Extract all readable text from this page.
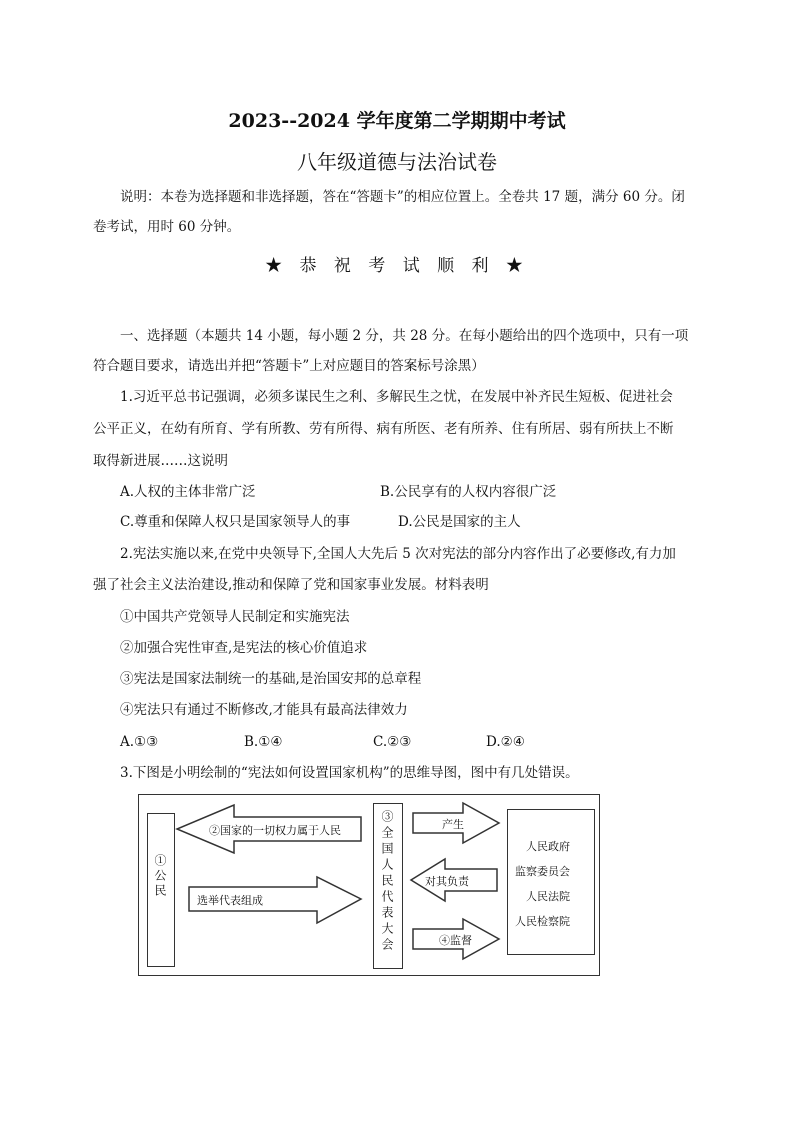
2023--2024 学年度第二学期期中考试
八年级道德与法治试卷
说明：本卷为选择题和非选择题，答在“答题卡”的相应位置上。全卷共 17 题，满分 60 分。闭
卷考试，用时 60 分钟。
★ 恭 祝 考 试 顺 利 ★
一、选择题（本题共 14 小题，每小题 2 分，共 28 分。在每小题给出的四个选项中，只有一项
符合题目要求，请选出并把“答题卡”上对应题目的答案标号涂黑）
1.习近平总书记强调，必须多谋民生之利、多解民生之忧，在发展中补齐民生短板、促进社会
公平正义，在幼有所育、学有所教、劳有所得、病有所医、老有所养、住有所居、弱有所扶上不断
取得新进展……这说明
A.人权的主体非常广泛	B.公民享有的人权内容很广泛
C.尊重和保障人权只是国家领导人的事	D.公民是国家的主人
2.宪法实施以来,在党中央领导下,全国人大先后 5 次对宪法的部分内容作出了必要修改,有力加
强了社会主义法治建设,推动和保障了党和国家事业发展。材料表明
①中国共产党领导人民制定和实施宪法
②加强合宪性审查,是宪法的核心价值追求
③宪法是国家法制统一的基础,是治国安邦的总章程
④宪法只有通过不断修改,才能具有最高法律效力
A.①③	B.①④	C.②③	D.②④
3.下图是小明绘制的“宪法如何设置国家机构”的思维导图，图中有几处错误。
①公民	③全国人民代表大会
②国家的一切权力属于人民
选举代表组成
产生
对其负责
④监督
人民政府
监察委员会
人民法院
人民检察院
